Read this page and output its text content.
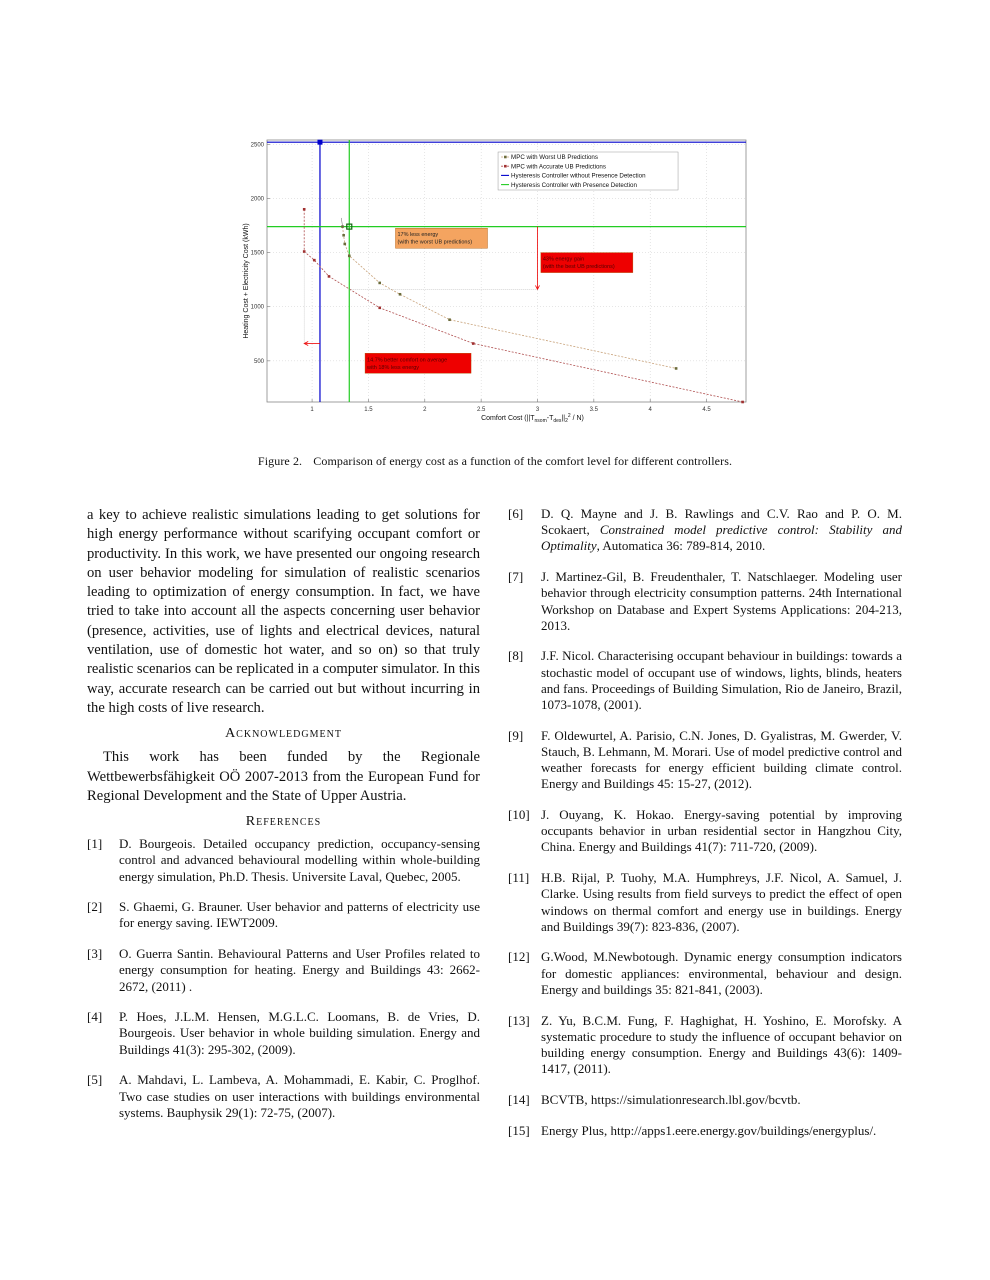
1	1.5	2	2.5	3	3.5	4	4.5
500
1000
1500
2000
2500
Comfort Cost $(||T_{nsom}-T_{des}||_2^2 / N)$
Heating Cost + Electricity Cost (kWh)	17% less energy
(with the worst UB predictions)
43% energy gain
(with the best UB predictions)
14.7% better comfort on average
with 18% less energy
MPC with Worst UB Predictions
MPC with Accurate UB Predictions
Hysteresis Controller without Presence Detection
Hysteresis Controller with Presence Detection
Figure 2. Comparison of energy cost as a function of the comfort level for different controllers.

a key to achieve realistic simulations leading to get solutions for high energy performance without scarifying occupant comfort or productivity. In this work, we have presented our ongoing research on user behavior modeling for simulation of realistic scenarios leading to optimization of energy consumption. In fact, we have tried to take into account all the aspects concerning user behavior (presence, activities, use of lights and electrical devices, natural ventilation, use of domestic hot water, and so on) so that truly realistic scenarios can be replicated in a computer simulator. In this way, accurate research can be carried out but without incurring in the high costs of live research.

Acknowledgment

This work has been funded by the Regionale Wettbewerbsfähigkeit OÖ 2007-2013 from the European Fund for Regional Development and the State of Upper Austria.

References
[1]	D. Bourgeois. Detailed occupancy prediction, occupancy-sensing control and advanced behavioural modelling within whole-building energy simulation, Ph.D. Thesis. Universite Laval, Quebec, 2005.
[2]	S. Ghaemi, G. Brauner. User behavior and patterns of electricity use for energy saving. IEWT2009.
[3]	O. Guerra Santin. Behavioural Patterns and User Profiles related to energy consumption for heating. Energy and Buildings 43: 2662-2672, (2011) .
[4]	P. Hoes, J.L.M. Hensen, M.G.L.C. Loomans, B. de Vries, D. Bourgeois. User behavior in whole building simulation. Energy and Buildings 41(3): 295-302, (2009).
[5]	A. Mahdavi, L. Lambeva, A. Mohammadi, E. Kabir, C. Proglhof. Two case studies on user interactions with buildings environmental systems. Bauphysik 29(1): 72-75, (2007).
[6]	D. Q. Mayne and J. B. Rawlings and C.V. Rao and P. O. M. Scokaert, Constrained model predictive control: Stability and Optimality, Automatica 36: 789-814, 2010.
[7]	J. Martinez-Gil, B. Freudenthaler, T. Natschlaeger. Modeling user behavior through electricity consumption patterns. 24th International Workshop on Database and Expert Systems Applications: 204-213, 2013.
[8]	J.F. Nicol. Characterising occupant behaviour in buildings: towards a stochastic model of occupant use of windows, lights, blinds, heaters and fans. Proceedings of Building Simulation, Rio de Janeiro, Brazil, 1073-1078, (2001).
[9]	F. Oldewurtel, A. Parisio, C.N. Jones, D. Gyalistras, M. Gwerder, V. Stauch, B. Lehmann, M. Morari. Use of model predictive control and weather forecasts for energy efficient building climate control. Energy and Buildings 45: 15-27, (2012).
[10] J. Ouyang, K. Hokao. Energy-saving potential by improving occupants behavior in urban residential sector in Hangzhou City, China. Energy and Buildings 41(7): 711-720, (2009).
[11] H.B. Rijal, P. Tuohy, M.A. Humphreys, J.F. Nicol, A. Samuel, J. Clarke. Using results from field surveys to predict the effect of open windows on thermal comfort and energy use in buildings. Energy and Buildings 39(7): 823-836, (2007).
[12] G.Wood, M.Newbotough. Dynamic energy consumption indicators for domestic appliances: environmental, behaviour and design. Energy and buildings 35: 821-841, (2003).
[13] Z. Yu, B.C.M. Fung, F. Haghighat, H. Yoshino, E. Morofsky. A systematic procedure to study the influence of occupant behavior on building energy consumption. Energy and Buildings 43(6): 1409-1417, (2011).
[14] BCVTB, https://simulationresearch.lbl.gov/bcvtb.
[15] Energy Plus, http://apps1.eere.energy.gov/buildings/energyplus/.
